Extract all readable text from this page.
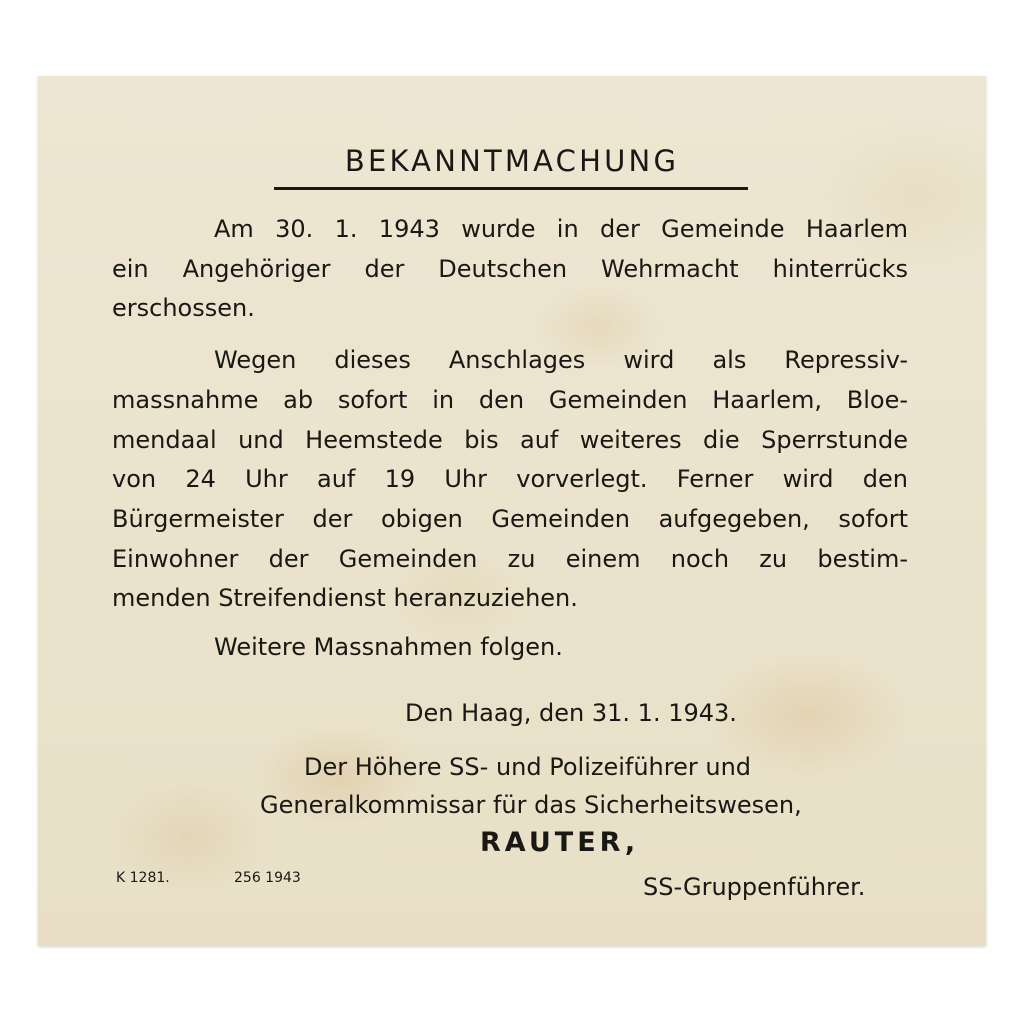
BEKANNTMACHUNG
Am 30. 1. 1943 wurde in der Gemeinde Haarlem
ein Angehöriger der Deutschen Wehrmacht hinterrücks
erschossen.
Wegen dieses Anschlages wird als Repressiv-
massnahme ab sofort in den Gemeinden Haarlem, Bloe-
mendaal und Heemstede bis auf weiteres die Sperrstunde
von 24 Uhr auf 19 Uhr vorverlegt. Ferner wird den
Bürgermeister der obigen Gemeinden aufgegeben, sofort
Einwohner der Gemeinden zu einem noch zu bestim-
menden Streifendienst heranzuziehen.
Weitere Massnahmen folgen.
Den Haag, den 31. 1. 1943.
Der Höhere SS- und Polizeiführer und
Generalkommissar für das Sicherheitswesen,
RAUTER,
SS-Gruppenführer.
K 1281.	256 1943
